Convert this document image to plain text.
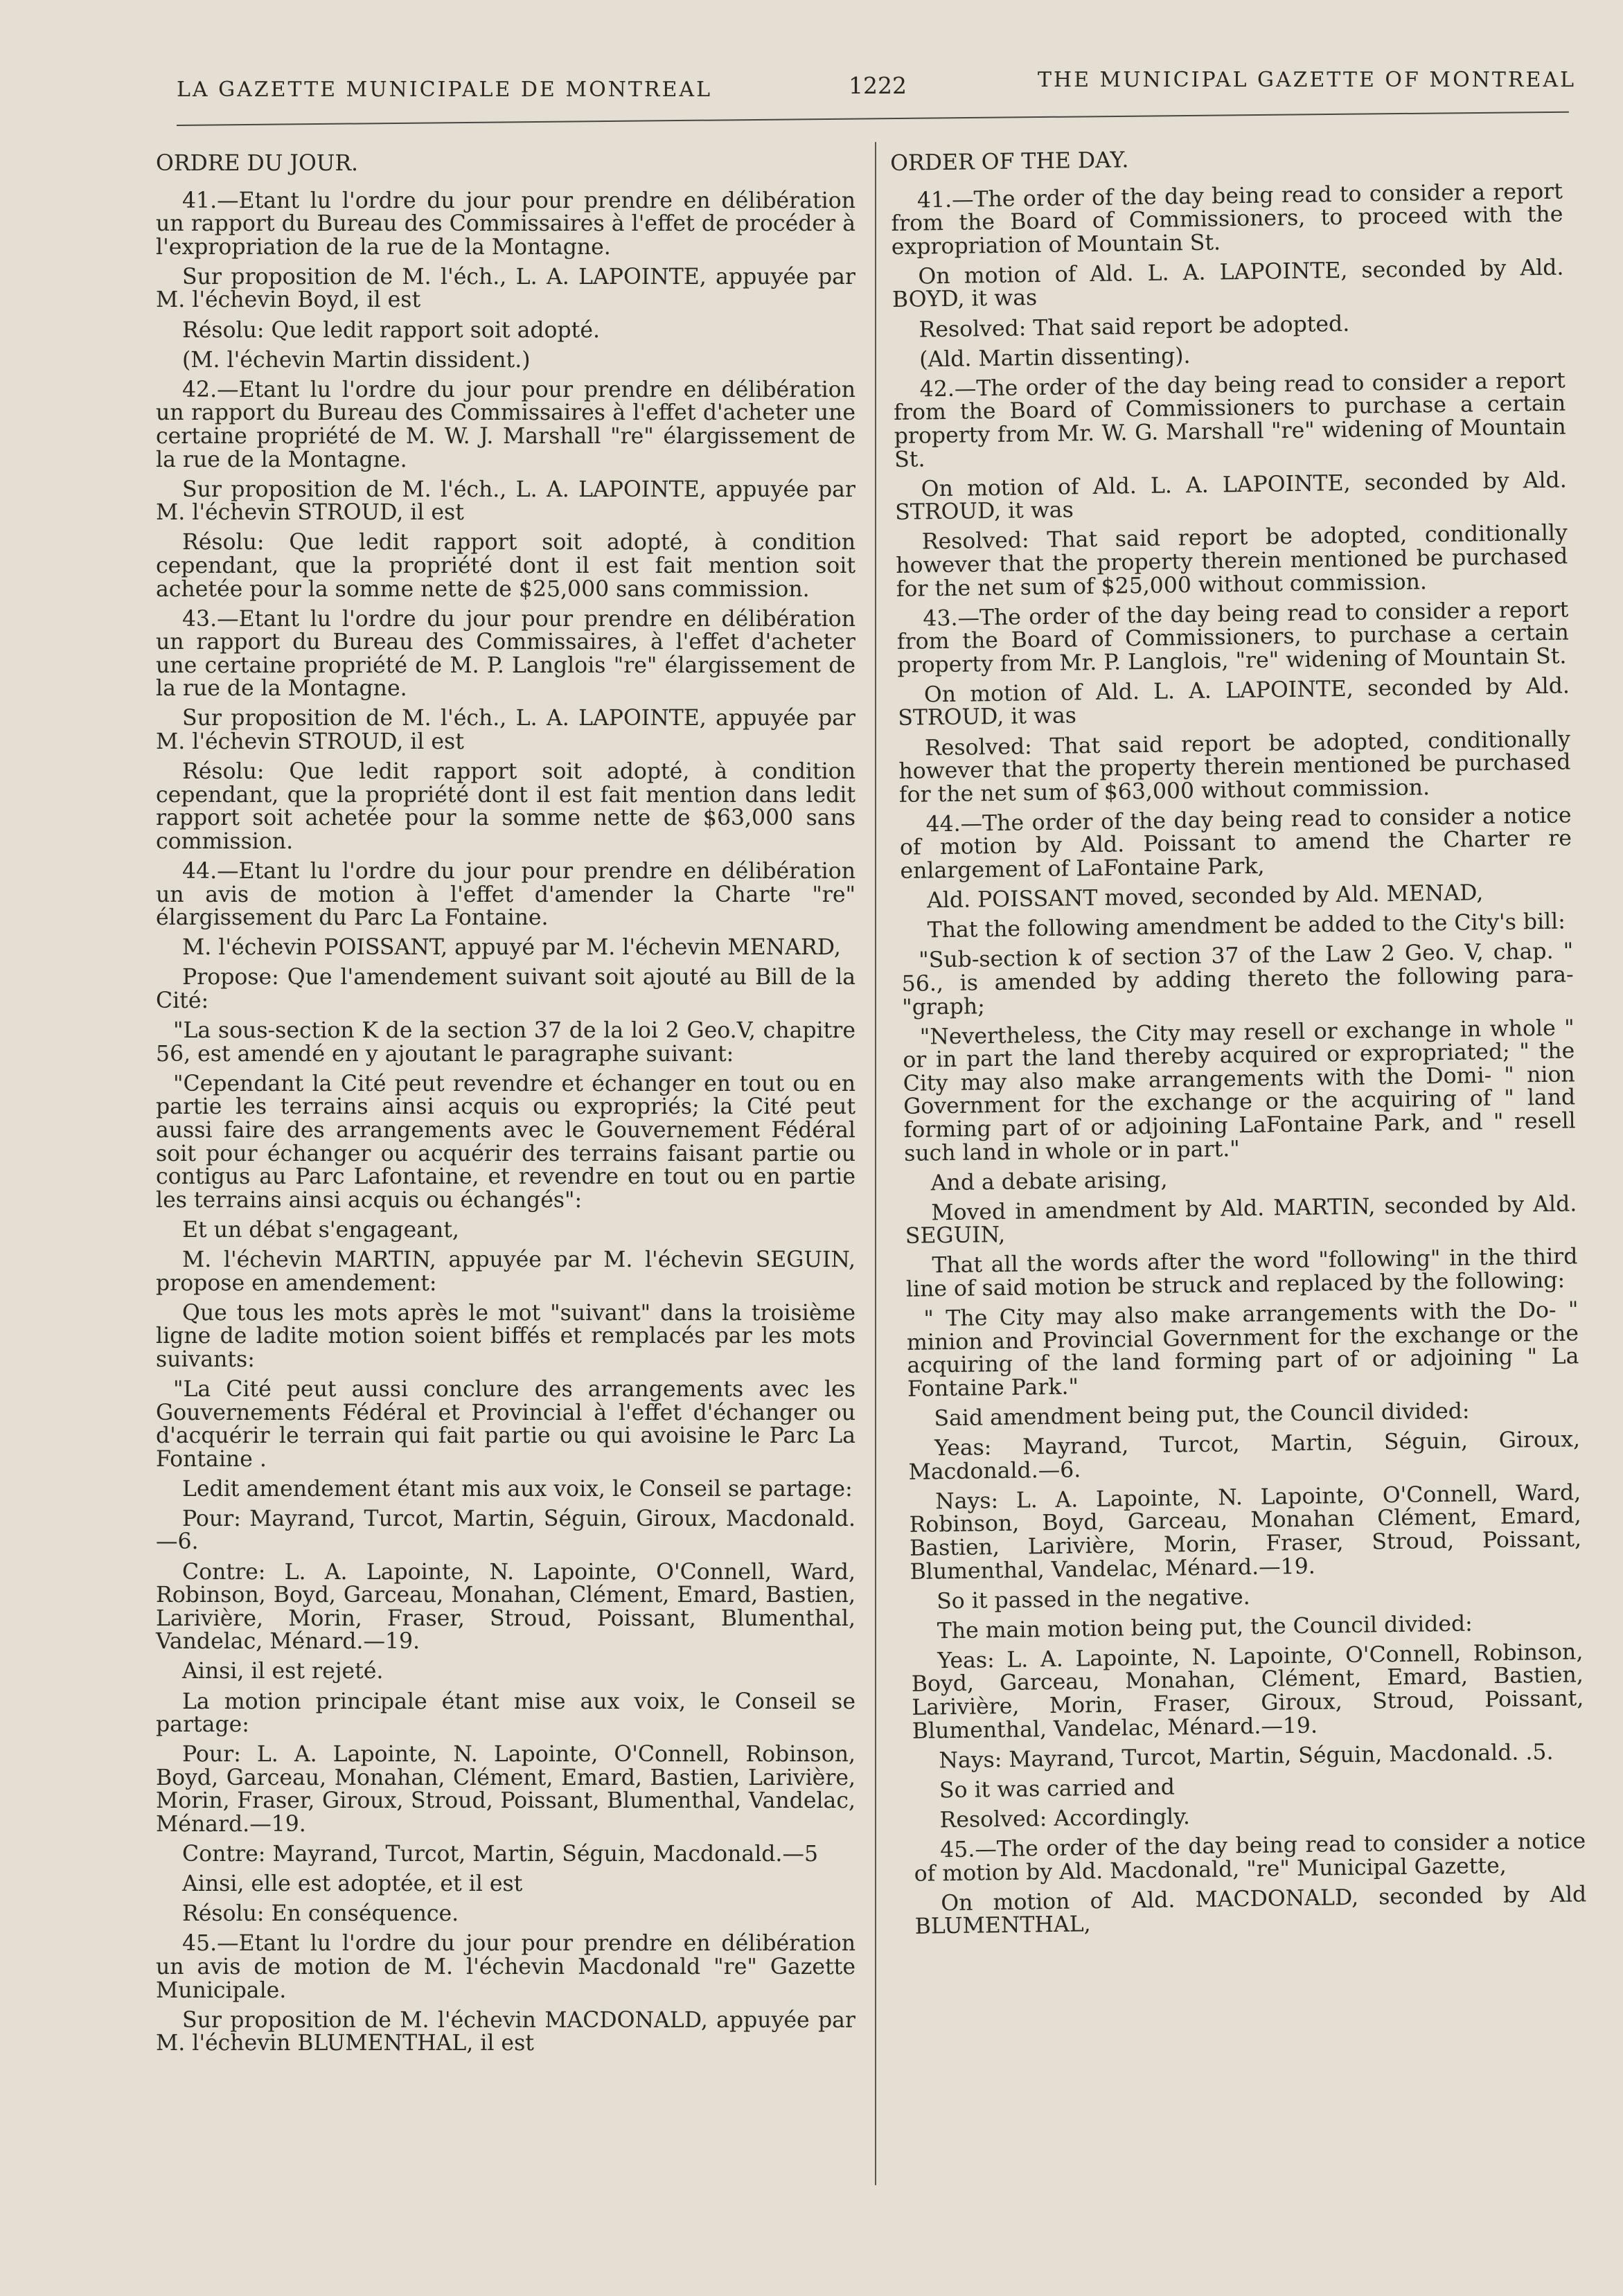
LA GAZETTE MUNICIPALE DE MONTREAL	1222	THE MUNICIPAL GAZETTE OF MONTREAL

ORDRE DU JOUR.

41.—Etant lu l'ordre du jour pour prendre en délibération un rapport du Bureau des Commissaires à l'effet de procéder à l'expropriation de la rue de la Montagne.

Sur proposition de M. l'éch., L. A. LAPOINTE, appuyée par M. l'échevin Boyd, il est

Résolu: Que ledit rapport soit adopté.

(M. l'échevin Martin dissident.)

42.—Etant lu l'ordre du jour pour prendre en délibération un rapport du Bureau des Commissaires à l'effet d'acheter une certaine propriété de M. W. J. Marshall "re" élargissement de la rue de la Montagne.

Sur proposition de M. l'éch., L. A. LAPOINTE, appuyée par M. l'échevin STROUD, il est

Résolu: Que ledit rapport soit adopté, à condition cependant, que la propriété dont il est fait mention soit achetée pour la somme nette de $25,000 sans commission.

43.—Etant lu l'ordre du jour pour prendre en délibération un rapport du Bureau des Commissaires, à l'effet d'acheter une certaine propriété de M. P. Langlois "re" élargissement de la rue de la Montagne.

Sur proposition de M. l'éch., L. A. LAPOINTE, appuyée par M. l'échevin STROUD, il est

Résolu: Que ledit rapport soit adopté, à condition cependant, que la propriété dont il est fait mention dans ledit rapport soit achetée pour la somme nette de $63,000 sans commission.

44.—Etant lu l'ordre du jour pour prendre en délibération un avis de motion à l'effet d'amender la Charte "re" élargissement du Parc La Fontaine.

M. l'échevin POISSANT, appuyé par M. l'échevin MENARD,

Propose: Que l'amendement suivant soit ajouté au Bill de la Cité:

"La sous-section K de la section 37 de la loi 2 Geo.V, chapitre 56, est amendé en y ajoutant le paragraphe suivant:

"Cependant la Cité peut revendre et échanger en tout ou en partie les terrains ainsi acquis ou expropriés; la Cité peut aussi faire des arrangements avec le Gouvernement Fédéral soit pour échanger ou acquérir des terrains faisant partie ou contigus au Parc Lafontaine, et revendre en tout ou en partie les terrains ainsi acquis ou échangés":

Et un débat s'engageant,

M. l'échevin MARTIN, appuyée par M. l'échevin SEGUIN, propose en amendement:

Que tous les mots après le mot "suivant" dans la troisième ligne de ladite motion soient biffés et remplacés par les mots suivants:

"La Cité peut aussi conclure des arrangements avec les Gouvernements Fédéral et Provincial à l'effet d'échanger ou d'acquérir le terrain qui fait partie ou qui avoisine le Parc La Fontaine .

Ledit amendement étant mis aux voix, le Conseil se partage:

Pour: Mayrand, Turcot, Martin, Séguin, Giroux, Macdonald.—6.

Contre: L. A. Lapointe, N. Lapointe, O'Connell, Ward, Robinson, Boyd, Garceau, Monahan, Clément, Emard, Bastien, Larivière, Morin, Fraser, Stroud, Poissant, Blumenthal, Vandelac, Ménard.—19.

Ainsi, il est rejeté.

La motion principale étant mise aux voix, le Conseil se partage:

Pour: L. A. Lapointe, N. Lapointe, O'Connell, Robinson, Boyd, Garceau, Monahan, Clément, Emard, Bastien, Larivière, Morin, Fraser, Giroux, Stroud, Poissant, Blumenthal, Vandelac, Ménard.—19.

Contre: Mayrand, Turcot, Martin, Séguin, Macdonald.—5

Ainsi, elle est adoptée, et il est

Résolu: En conséquence.

45.—Etant lu l'ordre du jour pour prendre en délibération un avis de motion de M. l'échevin Macdonald "re" Gazette Municipale.

Sur proposition de M. l'échevin MACDONALD, appuyée par M. l'échevin BLUMENTHAL, il est

ORDER OF THE DAY.

41.—The order of the day being read to consider a report from the Board of Commissioners, to proceed with the expropriation of Mountain St.

On motion of Ald. L. A. LAPOINTE, seconded by Ald. BOYD, it was

Resolved: That said report be adopted.

(Ald. Martin dissenting).

42.—The order of the day being read to consider a report from the Board of Commissioners to purchase a certain property from Mr. W. G. Marshall "re" widening of Mountain St.

On motion of Ald. L. A. LAPOINTE, seconded by Ald. STROUD, it was

Resolved: That said report be adopted, conditionally however that the property therein mentioned be purchased for the net sum of $25,000 without commission.

43.—The order of the day being read to consider a report from the Board of Commissioners, to purchase a certain property from Mr. P. Langlois, "re" widening of Mountain St.

On motion of Ald. L. A. LAPOINTE, seconded by Ald. STROUD, it was

Resolved: That said report be adopted, conditionally however that the property therein mentioned be purchased for the net sum of $63,000 without commission.

44.—The order of the day being read to consider a notice of motion by Ald. Poissant to amend the Charter re enlargement of LaFontaine Park,

Ald. POISSANT moved, seconded by Ald. MENAD,

That the following amendment be added to the City's bill:

"Sub-section k of section 37 of the Law 2 Geo. V, chap. " 56., is amended by adding thereto the following para- "graph;

"Nevertheless, the City may resell or exchange in whole " or in part the land thereby acquired or expropriated; " the City may also make arrangements with the Domi- " nion Government for the exchange or the acquiring of " land forming part of or adjoining LaFontaine Park, and " resell such land in whole or in part."

And a debate arising,

Moved in amendment by Ald. MARTIN, seconded by Ald. SEGUIN,

That all the words after the word "following" in the third line of said motion be struck and replaced by the following:

" The City may also make arrangements with the Do- " minion and Provincial Government for the exchange or the acquiring of the land forming part of or adjoining " La Fontaine Park."

Said amendment being put, the Council divided:

Yeas: Mayrand, Turcot, Martin, Séguin, Giroux, Macdonald.—6.

Nays: L. A. Lapointe, N. Lapointe, O'Connell, Ward, Robinson, Boyd, Garceau, Monahan Clément, Emard, Bastien, Larivière, Morin, Fraser, Stroud, Poissant, Blumenthal, Vandelac, Ménard.—19.

So it passed in the negative.

The main motion being put, the Council divided:

Yeas: L. A. Lapointe, N. Lapointe, O'Connell, Robinson, Boyd, Garceau, Monahan, Clément, Emard, Bastien, Larivière, Morin, Fraser, Giroux, Stroud, Poissant, Blumenthal, Vandelac, Ménard.—19.

Nays: Mayrand, Turcot, Martin, Séguin, Macdonald. .5.

So it was carried and

Resolved: Accordingly.

45.—The order of the day being read to consider a notice of motion by Ald. Macdonald, "re" Municipal Gazette,

On motion of Ald. MACDONALD, seconded by Ald BLUMENTHAL,
